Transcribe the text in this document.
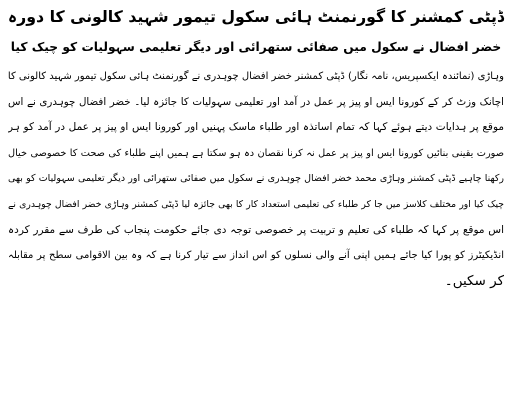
ڈپٹی کمشنر کا گورنمنٹ ہائی سکول تیمور شہید کالونی کا دورہ
خضر افضال نے سکول میں صفائی ستھرائی اور دیگر تعلیمی سہولیات کو چیک کیا
وہاڑی (نمائندہ ایکسپریس، نامہ نگار) ڈپٹی کمشنر خضر افضال چوہدری نے گورنمنٹ ہائی سکول تیمور شہید کالونی کا
اچانک وزٹ کر کے کورونا ایس او پیز پر عمل در آمد اور تعلیمی سہولیات کا جائزہ لیا۔ خضر افضال چوہدری نے اس
موقع پر ہدایات دیتے ہوئے کہا کہ تمام اساتذہ اور طلباء ماسک پہنیں اور کورونا ایس او پیز پر عمل در آمد کو ہر
صورت یقینی بنائیں کورونا ایس او پیز پر عمل نہ کرنا نقصان دہ ہو سکتا ہے ہمیں اپنے طلباء کی صحت کا خصوصی خیال
رکھنا چاہیے ڈپٹی کمشنر وہاڑی محمد خضر افضال چوہدری نے سکول میں صفائی ستھرائی اور دیگر تعلیمی سہولیات کو بھی
چیک کیا اور مختلف کلاسز میں جا کر طلباء کی تعلیمی استعداد کار کا بھی جائزہ لیا ڈپٹی کمشنر وہاڑی خضر افضال چوہدری نے
اس موقع پر کہا کہ طلباء کی تعلیم و تربیت پر خصوصی توجہ دی جائے حکومت پنجاب کی طرف سے مقرر کردہ
انڈیکیٹرز کو پورا کیا جائے ہمیں اپنی آنے والی نسلوں کو اس انداز سے تیار کرنا ہے کہ وہ بین الاقوامی سطح پر مقابلہ
کر سکیں۔
